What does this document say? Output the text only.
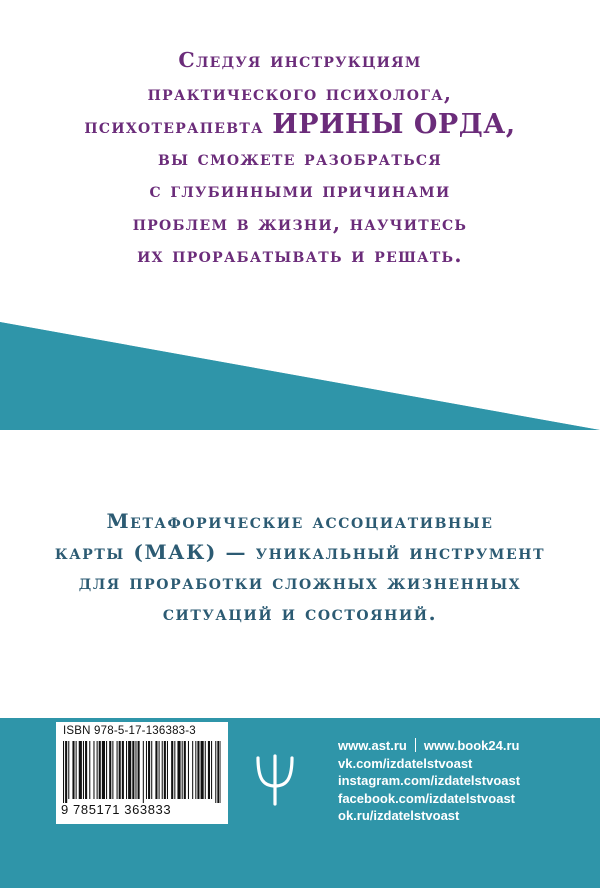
Следуя инструкциям
практического психолога,
психотерапевта ИРИНЫ ОРДА,
вы сможете разобраться
с глубинными причинами
проблем в жизни, научитесь
их прорабатывать и решать.
Метафорические ассоциативные
карты (МАК) — уникальный инструмент
для проработки сложных жизненных
ситуаций и состояний.
ISBN 978-5-17-136383-3
9 785171 363833
www.ast.ru www.book24.ru
vk.com/izdatelstvoast
instagram.com/izdatelstvoast
facebook.com/izdatelstvoast
ok.ru/izdatelstvoast
